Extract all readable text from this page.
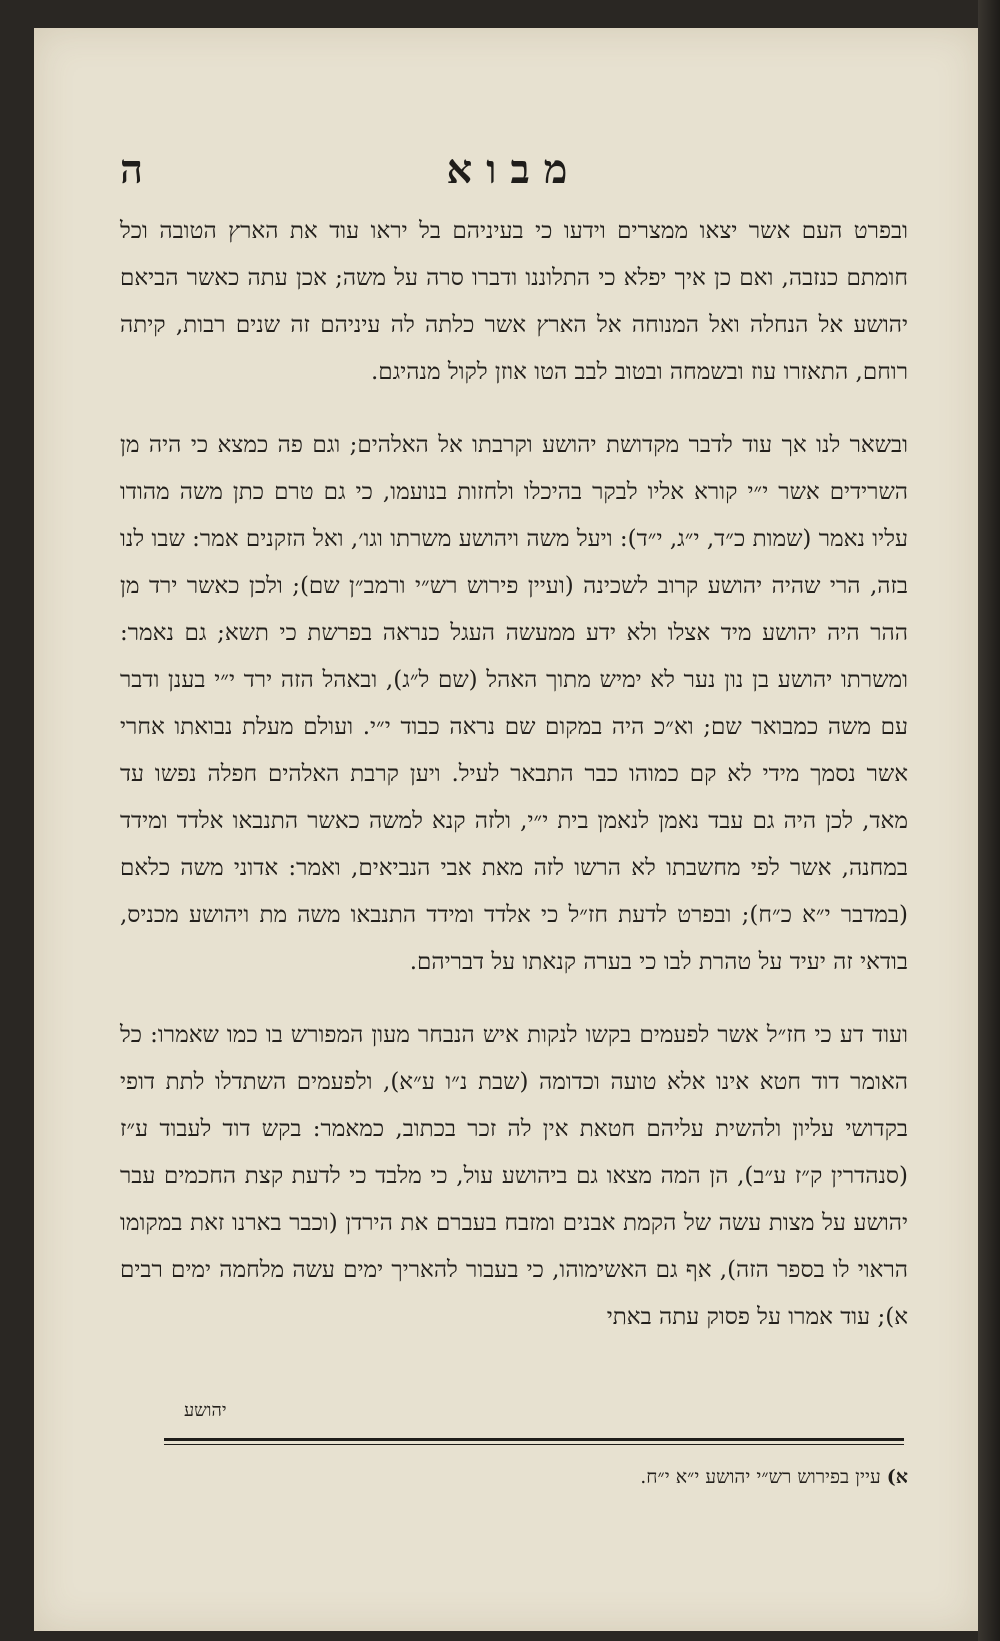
ה	מבוא

ובפרט העם אשר יצאו ממצרים וידעו כי בעיניהם בל יראו עוד את הארץ הטובה וכל חומתם כנזבה, ואם כן איך יפלא כי התלוננו ודברו סרה על משה; אכן עתה כאשר הביאם יהושע אל הנחלה ואל המנוחה אל הארץ אשר כלתה לה עיניהם זה שנים רבות, קיתה רוחם, התאזרו עוז ובשמחה ובטוב לבב הטו אוזן לקול מנהיגם.

ובשאר לנו אך עוד לדבר מקדושת יהושע וקרבתו אל האלהים; וגם פה כמצא כי היה מן השרידים אשר י״י קורא אליו לבקר בהיכלו ולחזות בנועמו, כי גם טרם כתן משה מהודו עליו נאמר (שמות כ״ד, י״ג, י״ד): ויעל משה ויהושע משרתו וגו׳, ואל הזקנים אמר: שבו לנו בזה, הרי שהיה יהושע קרוב לשכינה (ועיין פירוש רש״י ורמב״ן שם); ולכן כאשר ירד מן ההר היה יהושע מיד אצלו ולא ידע ממעשה העגל כנראה בפרשת כי תשא; גם נאמר: ומשרתו יהושע בן נון נער לא ימיש מתוך האהל (שם ל״ג), ובאהל הזה ירד י״י בענן ודבר עם משה כמבואר שם; וא״כ היה במקום שם נראה כבוד י״י. ועולם מעלת נבואתו אחרי אשר נסמך מידי לא קם כמוהו כבר התבאר לעיל. ויען קרבת האלהים חפלה נפשו עד מאד, לכן היה גם עבד נאמן לנאמן בית י״י, ולזה קנא למשה כאשר התנבאו אלדד ומידד במחנה, אשר לפי מחשבתו לא הרשו לזה מאת אבי הנביאים, ואמר: אדוני משה כלאם (במדבר י״א כ״ח); ובפרט לדעת חז״ל כי אלדד ומידד התנבאו משה מת ויהושע מכניס, בודאי זה יעיד על טהרת לבו כי בערה קנאתו על דבריהם.

ועוד דע כי חז״ל אשר לפעמים בקשו לנקות איש הנבחר מעון המפורש בו כמו שאמרו: כל האומר דוד חטא אינו אלא טועה וכדומה (שבת נ״ו ע״א), ולפעמים השתדלו לתת דופי בקדושי עליון ולהשית עליהם חטאת אין לה זכר בכתוב, כמאמר: בקש דוד לעבוד ע״ז (סנהדרין ק״ז ע״ב), הן המה מצאו גם ביהושע עול, כי מלבד כי לדעת קצת החכמים עבר יהושע על מצות עשה של הקמת אבנים ומזבח בעברם את הירדן (וכבר בארנו זאת במקומו הראוי לו בספר הזה), אף גם האשימוהו, כי בעבור להאריך ימים עשה מלחמה ימים רבים א); עוד אמרו על פסוק עתה באתי

יהושע
א) עיין בפירוש רש״י יהושע י״א י״ח.
